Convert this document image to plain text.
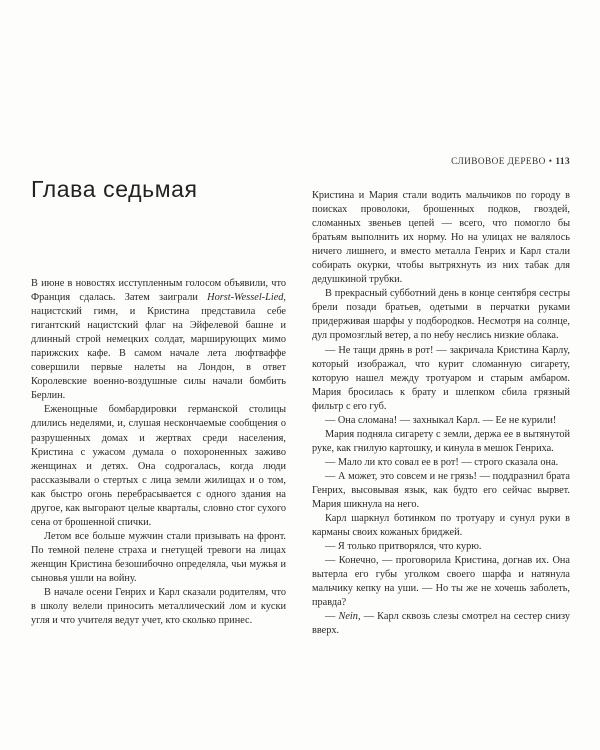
СЛИВОВОЕ ДЕРЕВО • 113
Глава седьмая

В июне в новостях исступленным голосом объявили, что Франция сдалась. Затем заиграли Horst-Wessel-Lied, нацистский гимн, и Кристина представила себе гигантский нацистский флаг на Эйфелевой башне и длинный строй немецких солдат, марширующих мимо парижских кафе. В самом начале лета люфтваффе совершили первые налеты на Лондон, в ответ Королевские военно-воздушные силы начали бомбить Берлин.

Еженощные бомбардировки германской столицы длились неделями, и, слушая нескончаемые сообщения о разрушенных домах и жертвах среди населения, Кристина с ужасом думала о похороненных заживо женщинах и детях. Она содрогалась, когда люди рассказывали о стертых с лица земли жилищах и о том, как быстро огонь перебрасывается с одного здания на другое, как выгорают целые кварталы, словно стог сухого сена от брошенной спички.

Летом все больше мужчин стали призывать на фронт. По темной пелене страха и гнетущей тревоги на лицах женщин Кристина безошибочно определяла, чьи мужья и сыновья ушли на войну.

В начале осени Генрих и Карл сказали родителям, что в школу велели приносить металлический лом и куски угля и что учителя ведут учет, кто сколько принес.

Кристина и Мария стали водить мальчиков по городу в поисках проволоки, брошенных подков, гвоздей, сломанных звеньев цепей — всего, что помогло бы братьям выполнить их норму. Но на улицах не валялось ничего лишнего, и вместо металла Генрих и Карл стали собирать окурки, чтобы вытряхнуть из них табак для дедушкиной трубки.

В прекрасный субботний день в конце сентября сестры брели позади братьев, одетыми в перчатки руками придерживая шарфы у подбородков. Несмотря на солнце, дул промозглый ветер, а по небу неслись низкие облака.

— Не тащи дрянь в рот! — закричала Кристина Карлу, который изображал, что курит сломанную сигарету, которую нашел между тротуаром и старым амбаром. Мария бросилась к брату и шлепком сбила грязный фильтр с его губ.

— Она сломана! — захныкал Карл. — Ее не курили!

Мария подняла сигарету с земли, держа ее в вытянутой руке, как гнилую картошку, и кинула в мешок Генриха.

— Мало ли кто совал ее в рот! — строго сказала она.

— А может, это совсем и не грязь! — поддразнил брата Генрих, высовывая язык, как будто его сейчас вырвет. Мария шикнула на него.

Карл шаркнул ботинком по тротуару и сунул руки в карманы своих кожаных бриджей.

— Я только притворялся, что курю.

— Конечно, — проговорила Кристина, догнав их. Она вытерла его губы уголком своего шарфа и натянула мальчику кепку на уши. — Но ты же не хочешь заболеть, правда?

— Nein, — Карл сквозь слезы смотрел на сестер снизу вверх.
